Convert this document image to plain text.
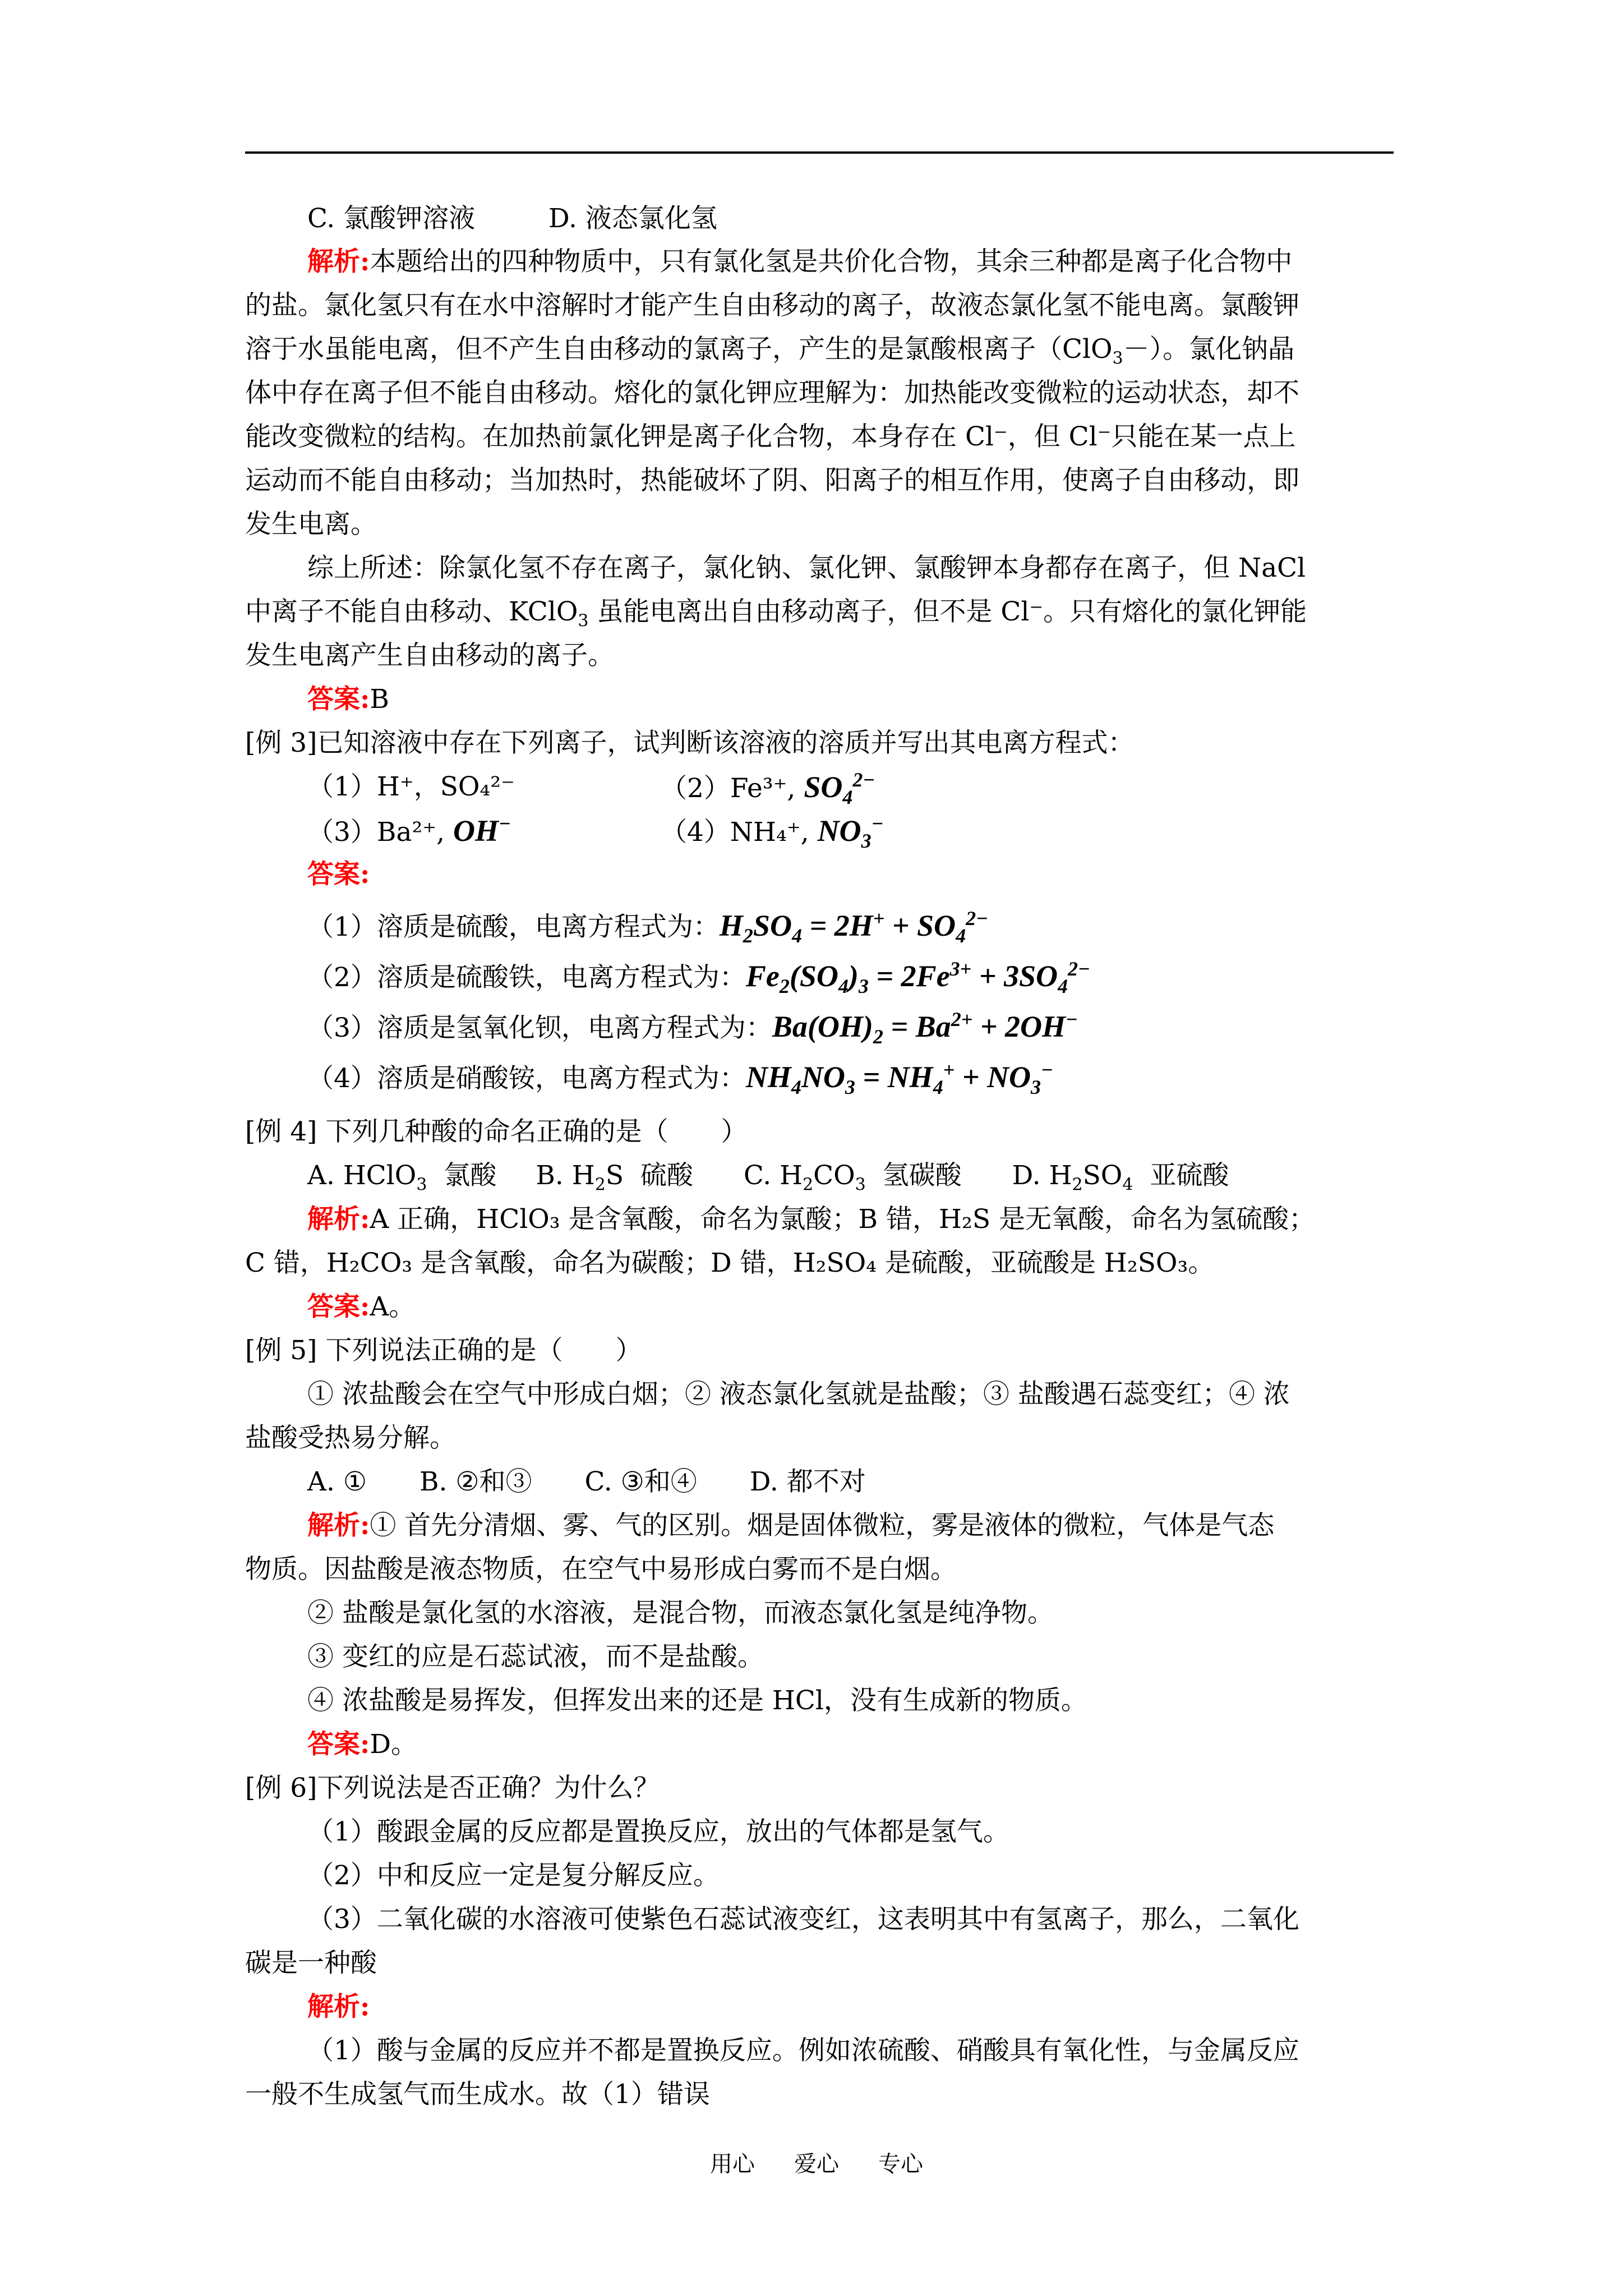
C. 氯酸钾溶液	D. 液态氯化氢
解析:本题给出的四种物质中，只有氯化氢是共价化合物，其余三种都是离子化合物中
的盐。氯化氢只有在水中溶解时才能产生自由移动的离子，故液态氯化氢不能电离。氯酸钾
溶于水虽能电离，但不产生自由移动的氯离子，产生的是氯酸根离子（ClO$_3$－）。氯化钠晶
体中存在离子但不能自由移动。熔化的氯化钾应理解为：加热能改变微粒的运动状态，却不
能改变微粒的结构。在加热前氯化钾是离子化合物，本身存在 Cl⁻，但 Cl⁻只能在某一点上
运动而不能自由移动；当加热时，热能破坏了阴、阳离子的相互作用，使离子自由移动，即
发生电离。
综上所述：除氯化氢不存在离子，氯化钠、氯化钾、氯酸钾本身都存在离子，但 NaCl
中离子不能自由移动、KClO$_3$ 虽能电离出自由移动离子，但不是 Cl⁻。只有熔化的氯化钾能
发生电离产生自由移动的离子。
答案:B
[例 3]已知溶液中存在下列离子，试判断该溶液的溶质并写出其电离方程式：
（1）H⁺，SO₄²⁻	（2）Fe³⁺, $SO_4^{2-}$
（3）Ba²⁺, OH−	（4）NH₄⁺, $NO_3^-$
答案:
（1）溶质是硫酸，电离方程式为：$H_2SO_4 = 2H^+ + SO_4^{2-}$
（2）溶质是硫酸铁，电离方程式为：$Fe_2(SO_4)_3 = 2Fe^{3+} + 3SO_4^{2-}$
（3）溶质是氢氧化钡，电离方程式为：$Ba(OH)_2 = Ba^{2+} + 2OH^-$
（4）溶质是硝酸铵，电离方程式为：$NH_4NO_3 = NH_4^+ + NO_3^-$
[例 4] 下列几种酸的命名正确的是（　　）
A. HClO$_3$ 氯酸 B. $H_2S$  硫酸 C. $H_2CO_3$ 氢碳酸 D. $H_2SO_4$ 亚硫酸
解析:A 正确，HClO₃ 是含氧酸，命名为氯酸；B 错，H₂S 是无氧酸，命名为氢硫酸；
C 错，H₂CO₃ 是含氧酸，命名为碳酸；D 错，H₂SO₄ 是硫酸，亚硫酸是 H₂SO₃。
答案:A。
[例 5] 下列说法正确的是（　　）
① 浓盐酸会在空气中形成白烟；② 液态氯化氢就是盐酸；③ 盐酸遇石蕊变红；④ 浓
盐酸受热易分解。
A. ①　　B. ②和③　　C. ③和④　　D. 都不对
解析:① 首先分清烟、雾、气的区别。烟是固体微粒，雾是液体的微粒，气体是气态
物质。因盐酸是液态物质，在空气中易形成白雾而不是白烟。
② 盐酸是氯化氢的水溶液，是混合物，而液态氯化氢是纯净物。
③ 变红的应是石蕊试液，而不是盐酸。
④ 浓盐酸是易挥发，但挥发出来的还是 HCl，没有生成新的物质。
答案:D。
[例 6]下列说法是否正确？为什么？
（1）酸跟金属的反应都是置换反应，放出的气体都是氢气。
（2）中和反应一定是复分解反应。
（3）二氧化碳的水溶液可使紫色石蕊试液变红，这表明其中有氢离子，那么，二氧化
碳是一种酸
解析:
（1）酸与金属的反应并不都是置换反应。例如浓硫酸、硝酸具有氧化性，与金属反应
一般不生成氢气而生成水。故（1）错误
用心 爱心 专心
